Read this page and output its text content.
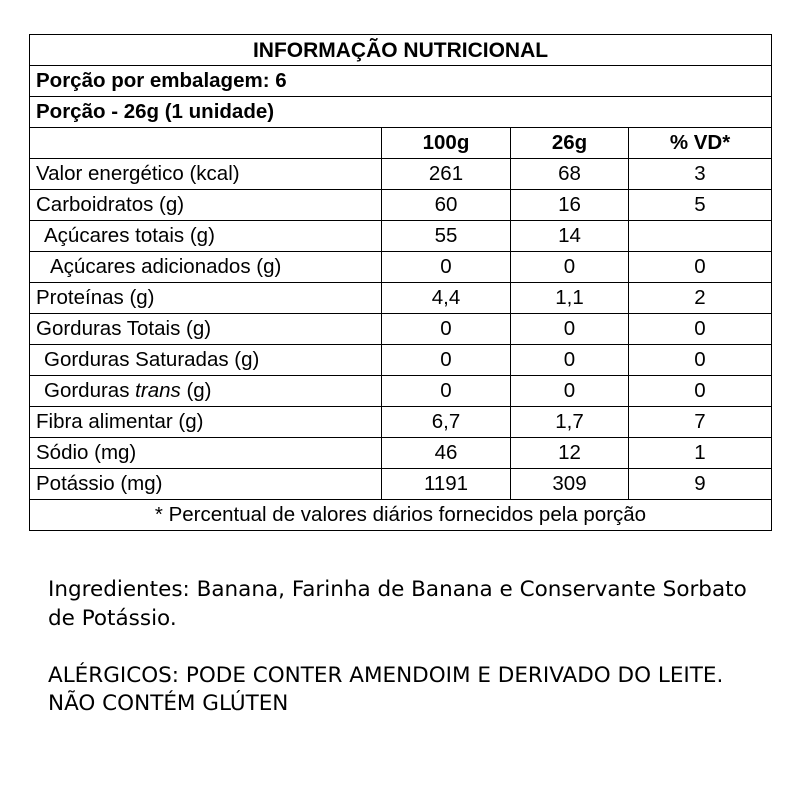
INFORMAÇÃO NUTRICIONAL			
Porção por embalagem: 6			
Porção - 26g (1 unidade)			
	100g	26g	% VD*
Valor energético (kcal)	261	68	3
Carboidratos (g)	60	16	5
Açúcares totais (g)	55	14	
Açúcares adicionados (g)	0	0	0
Proteínas (g)	4,4	1,1	2
Gorduras Totais (g)	0	0	0
Gorduras Saturadas (g)	0	0	0
Gorduras trans (g)	0	0	0
Fibra alimentar (g)	6,7	1,7	7
Sódio (mg)	46	12	1
Potássio (mg)	1191	309	9
* Percentual de valores diários fornecidos pela porção			

Ingredientes: Banana, Farinha de Banana e Conservante Sorbato de Potássio.

ALÉRGICOS: PODE CONTER AMENDOIM E DERIVADO DO LEITE.
NÃO CONTÉM GLÚTEN
